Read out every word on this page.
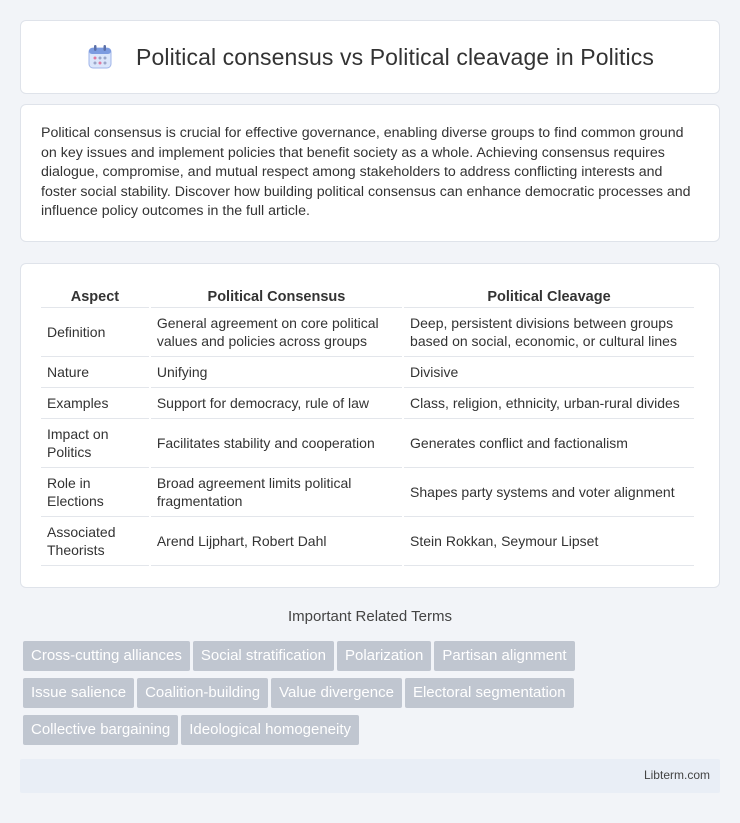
Political consensus vs Political cleavage in Politics

Political consensus is crucial for effective governance, enabling diverse groups to find common ground on key issues and implement policies that benefit society as a whole. Achieving consensus requires dialogue, compromise, and mutual respect among stakeholders to address conflicting interests and foster social stability. Discover how building political consensus can enhance democratic processes and influence policy outcomes in the full article.

Aspect	Political Consensus	Political Cleavage
Definition	General agreement on core political values and policies across groups	Deep, persistent divisions between groups based on social, economic, or cultural lines
Nature	Unifying	Divisive
Examples	Support for democracy, rule of law	Class, religion, ethnicity, urban-rural divides
Impact on Politics	Facilitates stability and cooperation	Generates conflict and factionalism
Role in Elections	Broad agreement limits political fragmentation	Shapes party systems and voter alignment
Associated Theorists	Arend Lijphart, Robert Dahl	Stein Rokkan, Seymour Lipset
Important Related Terms
Cross-cutting alliances Social stratification Polarization Partisan alignment
Issue salience Coalition-building Value divergence Electoral segmentation
Collective bargaining Ideological homogeneity
Libterm.com
